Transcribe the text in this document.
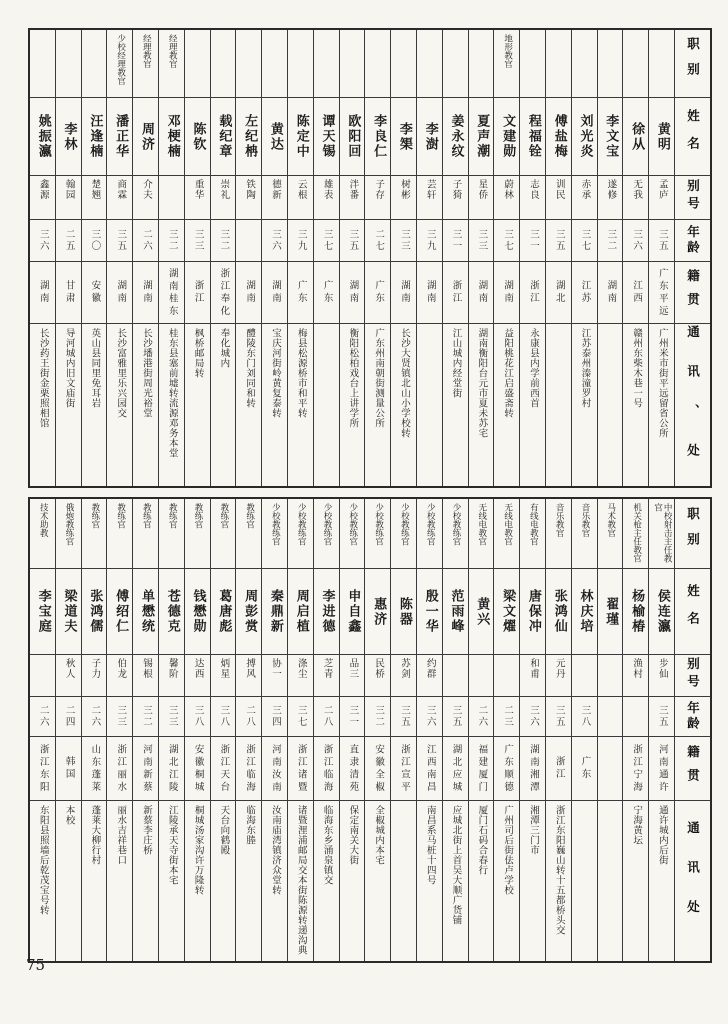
职别
姓名
别号
年龄
籍贯
通讯、处
黄明
孟庐
三五
广东平远
广州米市街平远留省公所
徐从
无我
三六
江西
赣州东柴木巷一号
李文宝
遂修
三二
湖南
刘光炎
赤承
三七
江苏
江苏泰州溱潼罗村
傅盐梅
训民
三五
湖北
程福铨
志良
三一
浙江
永康县内学前西首
地形教官
文建勋
蔚林
三七
湖南
益阳桃花江启盛斋转
夏声潮
星侨
三三
湖南
湖南衡阳台元市夏未苏宅
姜永纹
子猗
三一
浙江
江山城内经堂街
李澍
芸轩
三九
湖南
李榘
树彬
三三
湖南
长沙大贤镇北山小学校转
李良仁
子存
二七
广东
广东州南朝街测量公所
欧阳回
泮番
三五
湖南
衡阳松柏戏台上讲学所
谭天锡
雄表
三七
广东
陈定中
云根
三九
广东
梅县松源桥市和平转
黄达
德新
三六
湖南
宝庆河街岭黄复泰转
左纪柟
铁陶
湖南
醴陵东门刘同和转
载纪章
崇礼
三二
浙江奉化
奉化城内
陈钦
重华
三三
浙江
枫桥邮局转
经理教官
邓梗楠
三二
湖南桂东
桂东县塞前墟转流源邓务本堂
经理教官
周济
介夫
二六
湖南
长沙墦港街周光裕堂
少校经理教官
潘正华
商霖
三五
湖南
长沙富雅里乐兴园交
汪逢楠
楚翘
三〇
安徽
英山县同里免耳岩
李林
翰园
二五
甘肃
导河城内旧文庙街
姚振瀛
鑫源
三六
湖南
长沙药王街金栗照相馆
职别
姓名
别号
年龄
籍贯
通讯处
中校射击主任教官
侯连瀛
步仙
三五
河南通许
通许城内后街
机关枪主任教官
杨榆椿
渔村
浙江宁海
宁海黄坛
马术教官
翟瑾
音乐教官
林庆培
三八
广东
音乐教官
张鸿仙
元丹
三五
浙江
浙江东阳巍山转十五都桥头交
有线电教官
唐保冲
和甫
三六
湖南湘潭
湘潭三门市
无线电教官
梁文燿
二三
广东顺德
广州司后街佉卢学校
无线电教官
黄兴
二六
福建厦门
厦门石码合春行
少校教练官
范雨峰
三五
湖北应城
应城北街上首吴大顺广货铺
少校教练官
殷一华
约群
三六
江西南昌
南昌系马桩十四号
少校教练官
陈器
苏剑
三五
浙江宣平
少校教练官
惠济
民桥
三二
安徽全椒
全椒城内本宅
少校教练官
申自鑫
品三
三一
直隶清苑
保定南关大街
少校教练官
李进德
芝青
二八
浙江临海
临海东乡涌泉镇交
少校教练官
周启植
涤尘
三七
浙江诸暨
诸暨浬浦邮局交本街陈源转递沟典
少校教练官
秦鼎新
协一
三四
河南汝南
汝南庙湾镇济众堂转
教练官
周彭赏
搏风
二八
浙江临海
临海东塍
教练官
葛唐彪
炳星
三八
浙江天台
天台向鹤殿
教练官
钱懋勋
达西
三八
安徽桐城
桐城汤家沟许万隆转
教练官
苍德克
馨阶
三三
湖北江陵
江陵承天寺街本宅
教练官
单懋统
锡根
三二
河南新蔡
新蔡李庄桥
教练官
傅绍仁
伯龙
三三
浙江丽水
丽水吉祥巷口
教练官
张鸿儒
子力
二六
山东蓬莱
蓬莱大柳行村
俄炮教练官
梁道夫
秋人
二四
韩国
本校
技术助教
李宝庭
二六
浙江东阳
东阳县照墙后乾茂宝号转
75
